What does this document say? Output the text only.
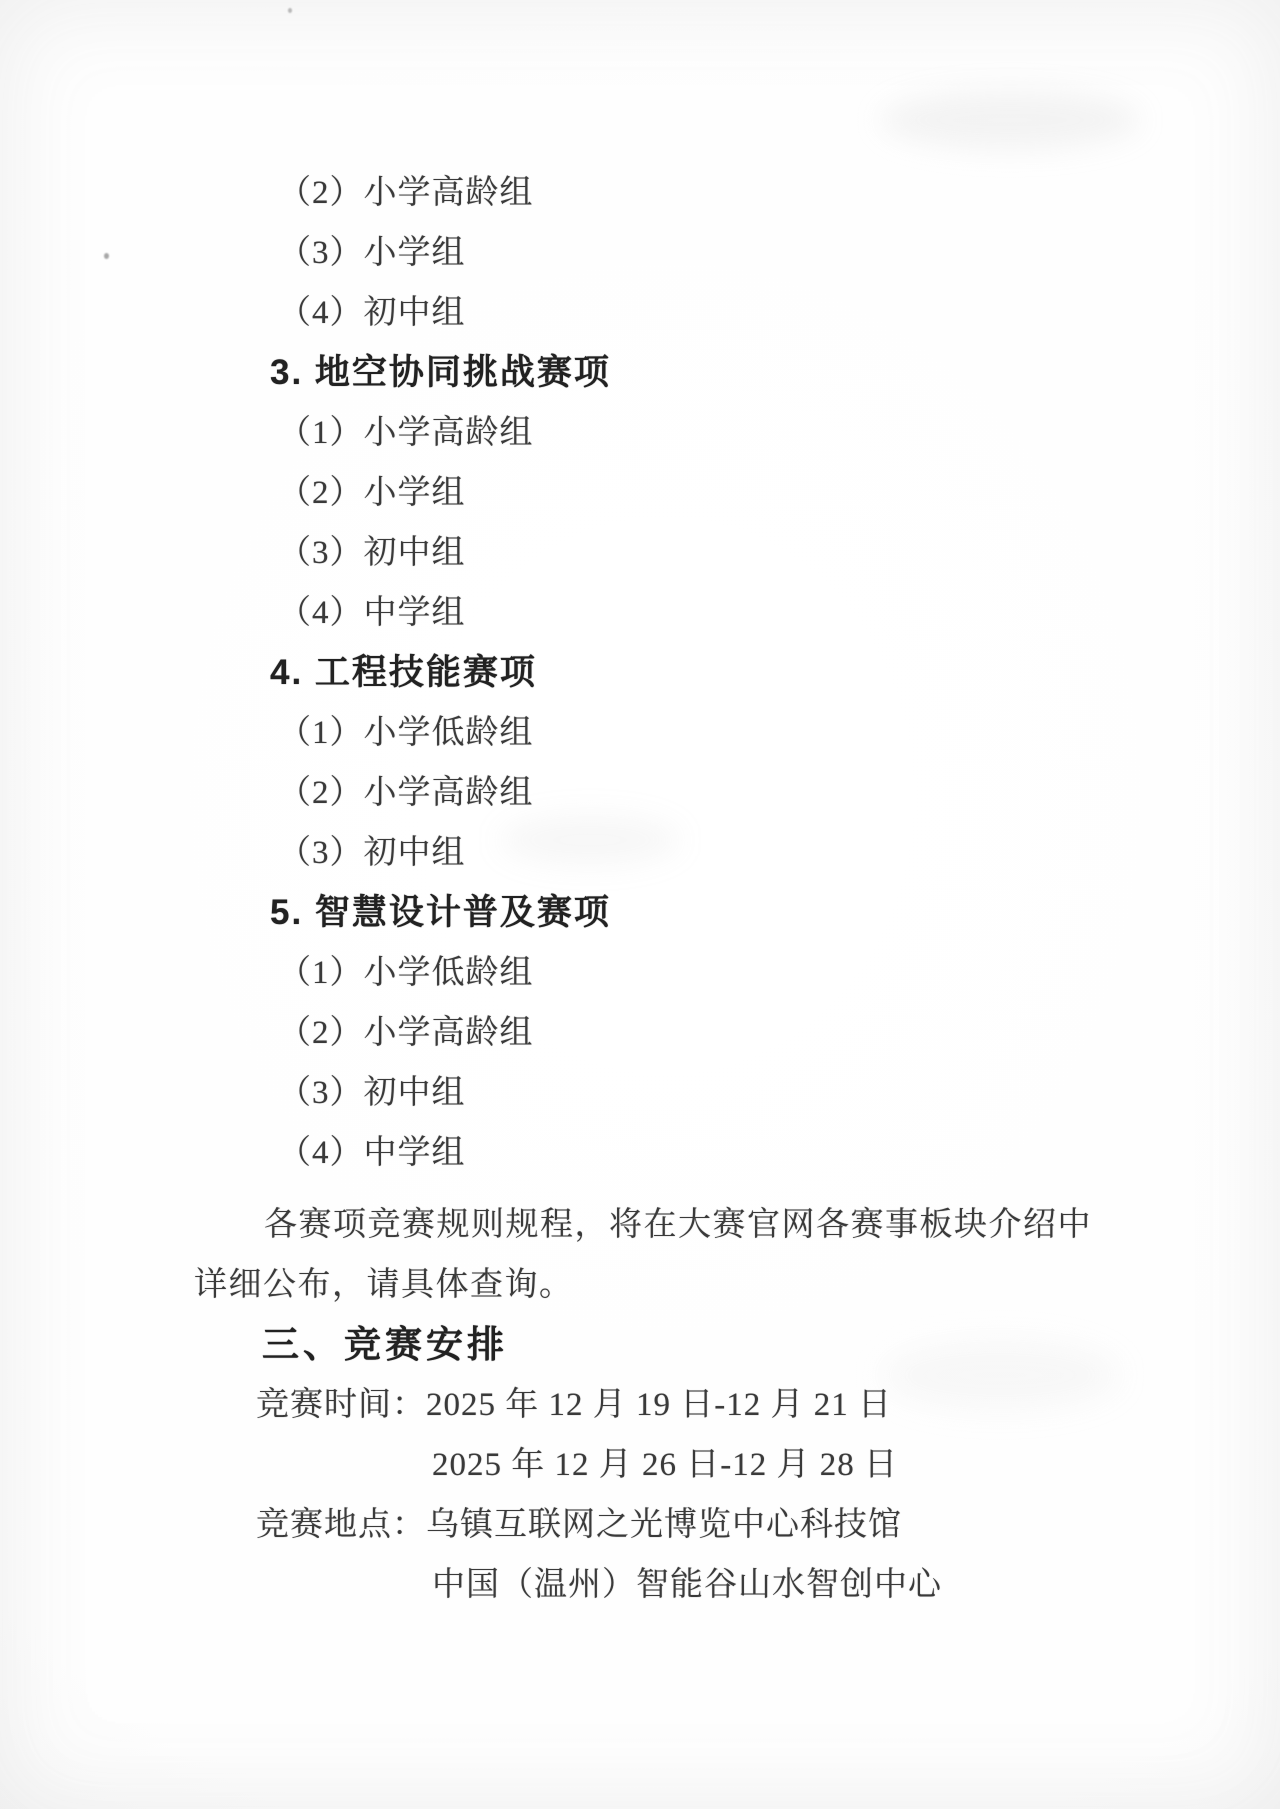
（2）小学高龄组
（3）小学组
（4）初中组
3. 地空协同挑战赛项
（1）小学高龄组
（2）小学组
（3）初中组
（4）中学组
4. 工程技能赛项
（1）小学低龄组
（2）小学高龄组
（3）初中组
5. 智慧设计普及赛项
（1）小学低龄组
（2）小学高龄组
（3）初中组
（4）中学组
各赛项竞赛规则规程，将在大赛官网各赛事板块介绍中
详细公布，请具体查询。
三、竞赛安排
竞赛时间：2025 年 12 月 19 日-12 月 21 日
2025 年 12 月 26 日-12 月 28 日
竞赛地点：乌镇互联网之光博览中心科技馆
中国（温州）智能谷山水智创中心
